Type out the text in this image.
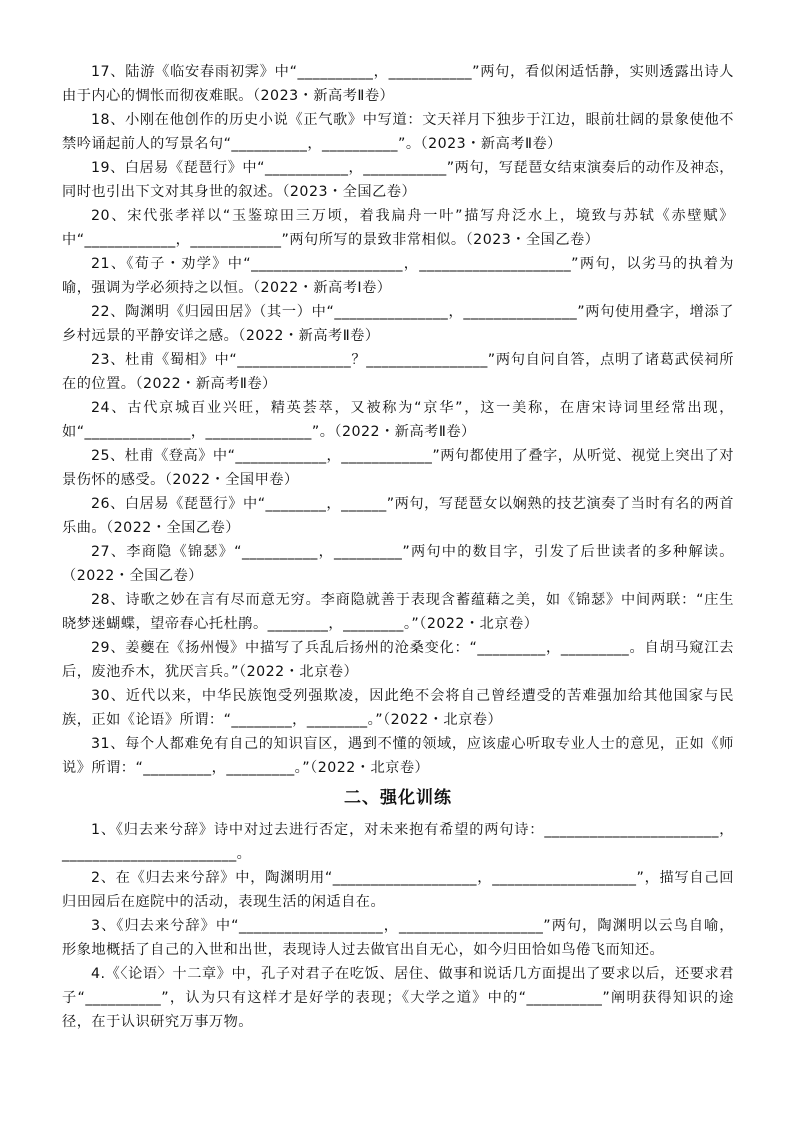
17、陆游《临安春雨初霁》中“__________，___________”两句，看似闲适恬静，实则透露出诗人由于内心的惆怅而彻夜难眠。（2023・新高考Ⅱ卷）

18、小刚在他创作的历史小说《正气歌》中写道：文天祥月下独步于江边，眼前壮阔的景象使他不禁吟诵起前人的写景名句“__________，__________”。（2023・新高考Ⅱ卷）

19、白居易《琵琶行》中“___________，___________”两句，写琵琶女结束演奏后的动作及神态，同时也引出下文对其身世的叙述。（2023・全国乙卷）

20、宋代张孝祥以“玉鉴琼田三万顷，着我扁舟一叶”描写舟泛水上，境致与苏轼《赤壁赋》中“____________，____________”两句所写的景致非常相似。（2023・全国乙卷）

21、《荀子・劝学》中“____________________，____________________”两句，以劣马的执着为喻，强调为学必须持之以恒。（2022・新高考Ⅰ卷）

22、陶渊明《归园田居》（其一）中“_______________，_______________”两句使用叠字，增添了乡村远景的平静安详之感。（2022・新高考Ⅱ卷）

23、杜甫《蜀相》中“_______________？________________”两句自问自答，点明了诸葛武侯祠所在的位置。（2022・新高考Ⅱ卷）

24、古代京城百业兴旺，精英荟萃，又被称为“京华”，这一美称，在唐宋诗词里经常出现，如“______________，______________”。（2022・新高考Ⅱ卷）

25、杜甫《登高》中“____________，____________”两句都使用了叠字，从听觉、视觉上突出了对景伤怀的感受。（2022・全国甲卷）

26、白居易《琵琶行》中“________，______”两句，写琵琶女以娴熟的技艺演奏了当时有名的两首乐曲。（2022・全国乙卷）

27、李商隐《锦瑟》“__________，_________”两句中的数目字，引发了后世读者的多种解读。（2022・全国乙卷）

28、诗歌之妙在言有尽而意无穷。李商隐就善于表现含蓄蕴藉之美，如《锦瑟》中间两联：“庄生晓梦迷蝴蝶，望帝春心托杜鹃。________，________。”（2022・北京卷）

29、姜夔在《扬州慢》中描写了兵乱后扬州的沧桑变化：“_________，_________。自胡马窥江去后，废池乔木，犹厌言兵。”（2022・北京卷）

30、近代以来，中华民族饱受列强欺凌，因此绝不会将自己曾经遭受的苦难强加给其他国家与民族，正如《论语》所谓：“________，________。”（2022・北京卷）

31、每个人都难免有自己的知识盲区，遇到不懂的领域，应该虚心听取专业人士的意见，正如《师说》所谓：“_________，_________。”（2022・北京卷）

二、强化训练

1、《归去来兮辞》诗中对过去进行否定，对未来抱有希望的两句诗：_______________________，_______________________。

2、在《归去来兮辞》中，陶渊明用“___________________，___________________”，描写自己回归田园后在庭院中的活动，表现生活的闲适自在。

3、《归去来兮辞》中“___________________，___________________”两句，陶渊明以云鸟自喻，形象地概括了自己的入世和出世，表现诗人过去做官出自无心，如今归田恰如鸟倦飞而知还。

4.《〈论语〉十二章》中，孔子对君子在吃饭、居住、做事和说话几方面提出了要求以后，还要求君子“__________”，认为只有这样才是好学的表现；《大学之道》中的“__________”阐明获得知识的途径，在于认识研究万事万物。
